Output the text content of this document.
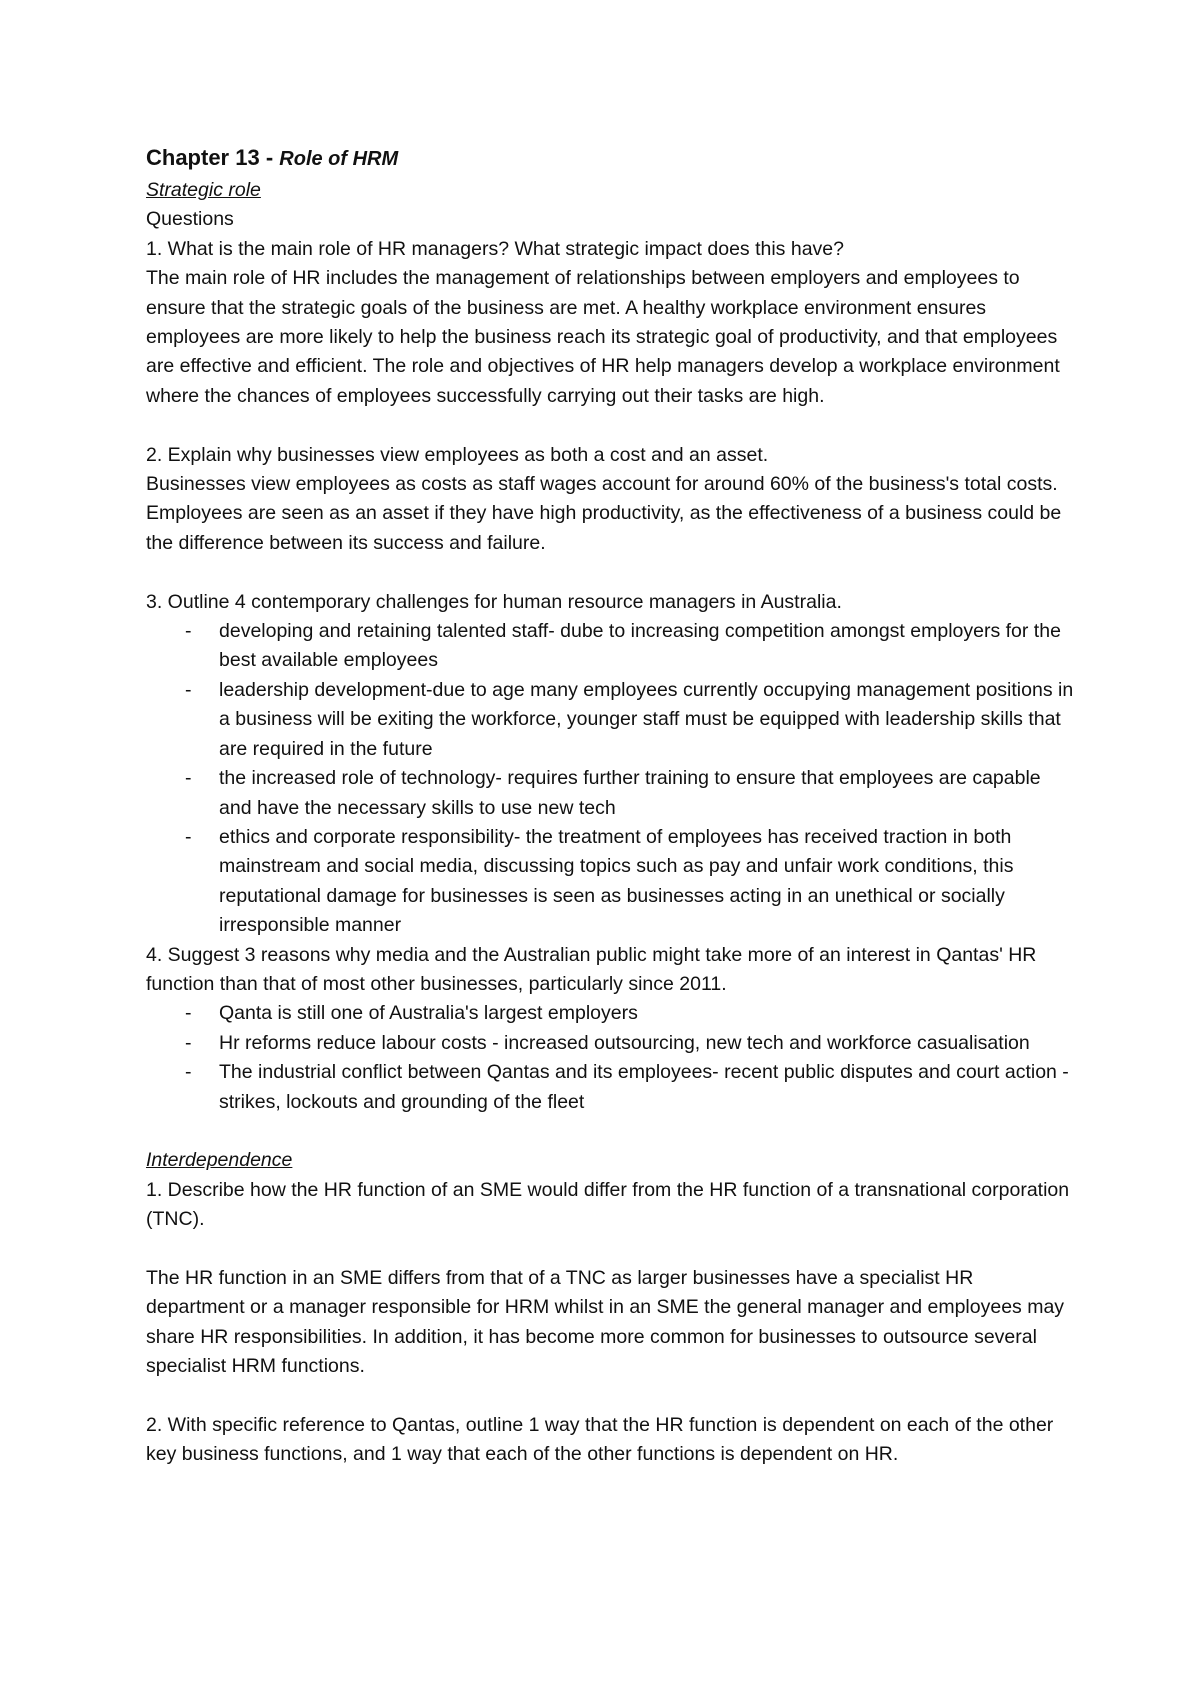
Chapter 13 - Role of HRM

Strategic role

Questions

1. What is the main role of HR managers? What strategic impact does this have?

The main role of HR includes the management of relationships between employers and employees to ensure that the strategic goals of the business are met. A healthy workplace environment ensures employees are more likely to help the business reach its strategic goal of productivity, and that employees are effective and efficient. The role and objectives of HR help managers develop a workplace environment where the chances of employees successfully carrying out their tasks are high.

2. Explain why businesses view employees as both a cost and an asset.

Businesses view employees as costs as staff wages account for around 60% of the business's total costs. Employees are seen as an asset if they have high productivity, as the effectiveness of a business could be the difference between its success and failure.

3. Outline 4 contemporary challenges for human resource managers in Australia.

- developing and retaining talented staff- dube to increasing competition amongst employers for the best available employees
- leadership development-due to age many employees currently occupying management positions in a business will be exiting the workforce, younger staff must be equipped with leadership skills that are required in the future
- the increased role of technology- requires further training to ensure that employees are capable and have the necessary skills to use new tech
- ethics and corporate responsibility- the treatment of employees has received traction in both mainstream and social media, discussing topics such as pay and unfair work conditions, this reputational damage for businesses is seen as businesses acting in an unethical or socially irresponsible manner

4. Suggest 3 reasons why media and the Australian public might take more of an interest in Qantas' HR function than that of most other businesses, particularly since 2011.

- Qanta is still one of Australia's largest employers
- Hr reforms reduce labour costs - increased outsourcing, new tech and workforce casualisation
- The industrial conflict between Qantas and its employees- recent public disputes and court action - strikes, lockouts and grounding of the fleet

Interdependence

1. Describe how the HR function of an SME would differ from the HR function of a transnational corporation (TNC).

The HR function in an SME differs from that of a TNC as larger businesses have a specialist HR department or a manager responsible for HRM whilst in an SME the general manager and employees may share HR responsibilities. In addition, it has become more common for businesses to outsource several specialist HRM functions.

2. With specific reference to Qantas, outline 1 way that the HR function is dependent on each of the other key business functions, and 1 way that each of the other functions is dependent on HR.
